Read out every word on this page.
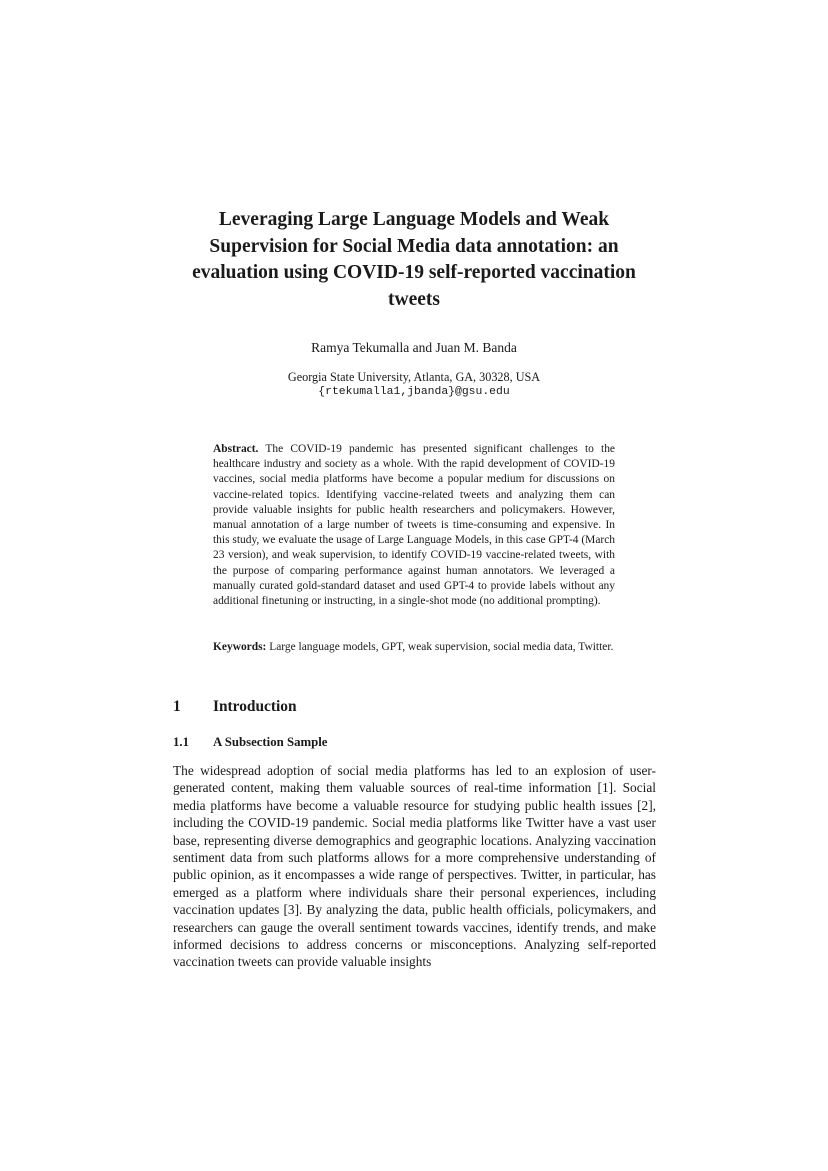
Leveraging Large Language Models and Weak Supervision for Social Media data annotation: an evaluation using COVID-19 self-reported vaccination tweets
Ramya Tekumalla and Juan M. Banda
Georgia State University, Atlanta, GA, 30328, USA
{rtekumalla1,jbanda}@gsu.edu

Abstract. The COVID-19 pandemic has presented significant challenges to the healthcare industry and society as a whole. With the rapid development of COVID-19 vaccines, social media platforms have become a popular medium for discussions on vaccine-related topics. Identifying vaccine-related tweets and analyzing them can provide valuable insights for public health researchers and policymakers. However, manual annotation of a large number of tweets is time-consuming and expensive. In this study, we evaluate the usage of Large Language Models, in this case GPT-4 (March 23 version), and weak supervision, to identify COVID-19 vaccine-related tweets, with the purpose of comparing performance against human annotators. We leveraged a manually curated gold-standard dataset and used GPT-4 to provide labels without any additional finetuning or instructing, in a single-shot mode (no additional prompting).

Keywords: Large language models, GPT, weak supervision, social media data, Twitter.

1 Introduction
1.1 A Subsection Sample

The widespread adoption of social media platforms has led to an explosion of user-generated content, making them valuable sources of real-time information [1]. Social media platforms have become a valuable resource for studying public health issues [2], including the COVID-19 pandemic. Social media platforms like Twitter have a vast user base, representing diverse demographics and geographic locations. Analyzing vaccination sentiment data from such platforms allows for a more comprehensive understanding of public opinion, as it encompasses a wide range of perspectives. Twitter, in particular, has emerged as a platform where individuals share their personal experiences, including vaccination updates [3]. By analyzing the data, public health officials, policymakers, and researchers can gauge the overall sentiment towards vaccines, identify trends, and make informed decisions to address concerns or misconceptions. Analyzing self-reported vaccination tweets can provide valuable insights
